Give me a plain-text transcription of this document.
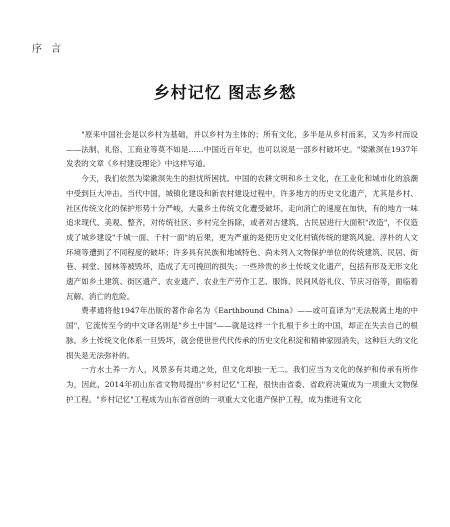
序 言
乡村记忆 图志乡愁

"原来中国社会是以乡村为基础，并以乡村为主体的；所有文化，多半是从乡村而来，又为乡村而设——法制、礼俗、工商业等莫不如是……中国近百年史，也可以说是一部乡村破坏史。"梁漱溟在1937年发表的文章《乡村建设理论》中这样写道。

今天，我们依然为梁漱溟先生的担忧所困扰。中国的农耕文明和乡土文化，在工业化和城市化的浪潮中受到巨大冲击。当代中国，城镇化建设和新农村建设过程中，许多地方的历史文化遗产，尤其是乡村、社区传统文化的保护形势十分严峻，大量乡土传统文化遭受破坏、走向消亡的速度在加快，有的地方一味追求现代、美观、整齐，对传统社区、乡村完全拆除，或者对古建筑、古民居进行大面积"改造"，不仅造成了城乡建设"千城一面、千村一面"的后果，更为严重的是使历史文化村镇传统的建筑风貌、淳朴的人文环境等遭到了不同程度的破坏；许多具有民族和地域特色、尚未列入文物保护单位的传统建筑、民居、街巷、祠堂、园林等被毁坏，造成了无可挽回的损失；一些珍贵的乡土传统文化遗产，包括有形及无形文化遗产如乡土建筑、街区遗产、农业遗产、农业生产劳作工艺、服饰、民间风俗礼仪、节庆习俗等，面临着瓦解、消亡的危险。

费孝通将他1947年出版的著作命名为《Earthbound China》——或可直译为"无法脱离土地的中国"，它流传至今的中文译名则是"乡土中国"——就是这样一个扎根于乡土的中国，却正在失去自己的根脉。乡土传统文化体系一旦毁坏，就会使世世代代传承的历史文化积淀和精神家园消失，这种巨大的文化损失是无法弥补的。

一方水土养一方人，风景多有共通之处，但文化却独一无二。我们应当为文化的保护和传承有所作为，因此，2014年初山东省文物局提出"乡村记忆"工程，很快由省委、省政府决策成为一项重大文物保护工程。"乡村记忆"工程成为山东省首创的一项重大文化遗产保护工程，成为推进有文化
